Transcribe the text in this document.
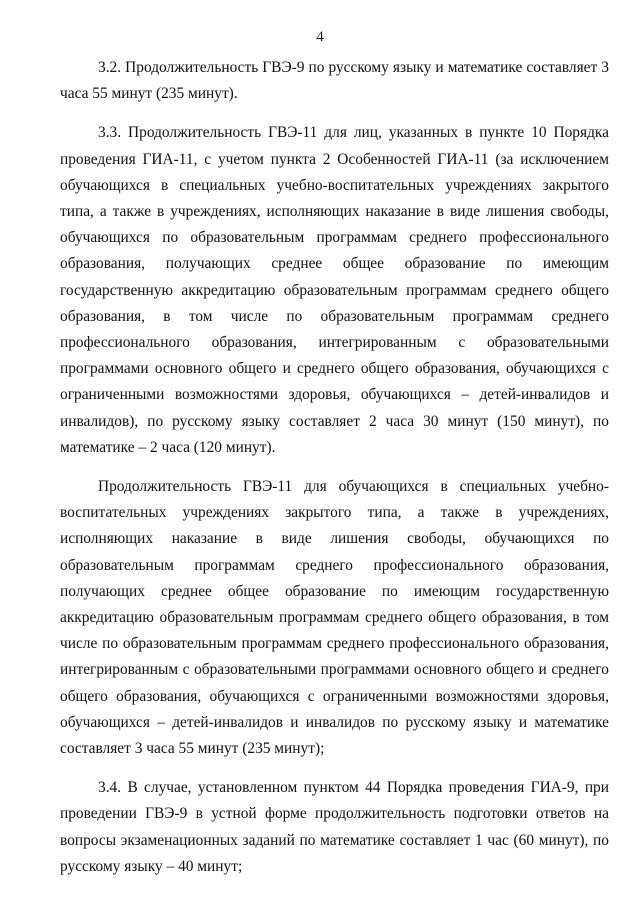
4

3.2. Продолжительность ГВЭ-9 по русскому языку и математике составляет 3 часа 55 минут (235 минут).

3.3. Продолжительность ГВЭ-11 для лиц, указанных в пункте 10 Порядка проведения ГИА-11, с учетом пункта 2 Особенностей ГИА-11 (за исключением обучающихся в специальных учебно-воспитательных учреждениях закрытого типа, а также в учреждениях, исполняющих наказание в виде лишения свободы, обучающихся по образовательным программам среднего профессионального образования, получающих среднее общее образование по имеющим государственную аккредитацию образовательным программам среднего общего образования, в том числе по образовательным программам среднего профессионального образования, интегрированным с образовательными программами основного общего и среднего общего образования, обучающихся с ограниченными возможностями здоровья, обучающихся – детей-инвалидов и инвалидов), по русскому языку составляет 2 часа 30 минут (150 минут), по математике – 2 часа (120 минут).

Продолжительность ГВЭ-11 для обучающихся в специальных учебно-воспитательных учреждениях закрытого типа, а также в учреждениях, исполняющих наказание в виде лишения свободы, обучающихся по образовательным программам среднего профессионального образования, получающих среднее общее образование по имеющим государственную аккредитацию образовательным программам среднего общего образования, в том числе по образовательным программам среднего профессионального образования, интегрированным с образовательными программами основного общего и среднего общего образования, обучающихся с ограниченными возможностями здоровья, обучающихся – детей-инвалидов и инвалидов по русскому языку и математике составляет 3 часа 55 минут (235 минут);

3.4. В случае, установленном пунктом 44 Порядка проведения ГИА-9, при проведении ГВЭ-9 в устной форме продолжительность подготовки ответов на вопросы экзаменационных заданий по математике составляет 1 час (60 минут), по русскому языку – 40 минут;
